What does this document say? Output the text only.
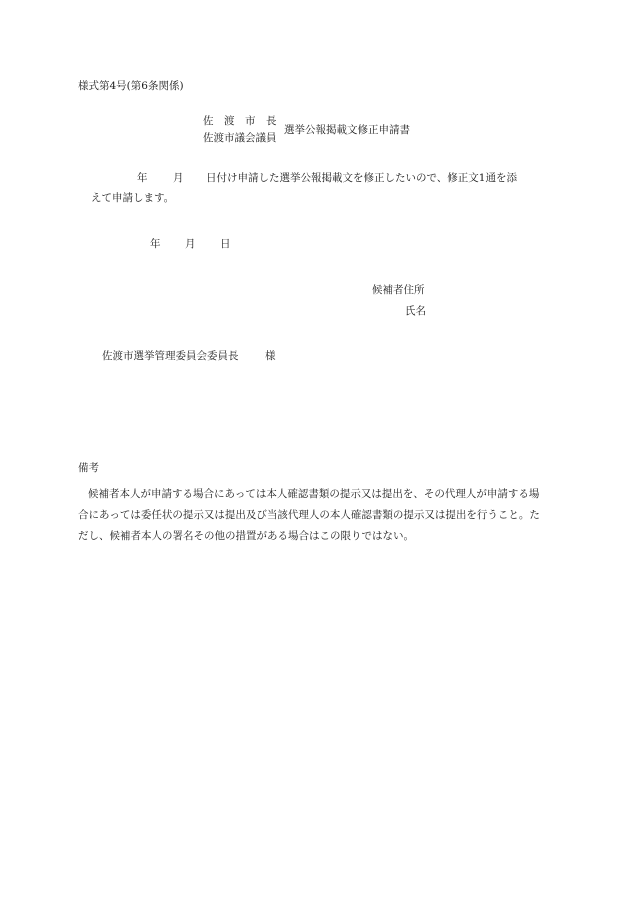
様式第4号(第6条関係)
佐　渡　市　長
佐渡市議会議員
選挙公報掲載文修正申請書
年 月 日付け申請した選挙公報掲載文を修正したいので、修正文1通を添
えて申請します。
年 月 日
候補者住所
氏名
佐渡市選挙管理委員会委員長	様
備考

候補者本人が申請する場合にあっては本人確認書類の提示又は提出を、その代理人が申請する場合にあっては委任状の提示又は提出及び当該代理人の本人確認書類の提示又は提出を行うこと。ただし、候補者本人の署名その他の措置がある場合はこの限りではない。
